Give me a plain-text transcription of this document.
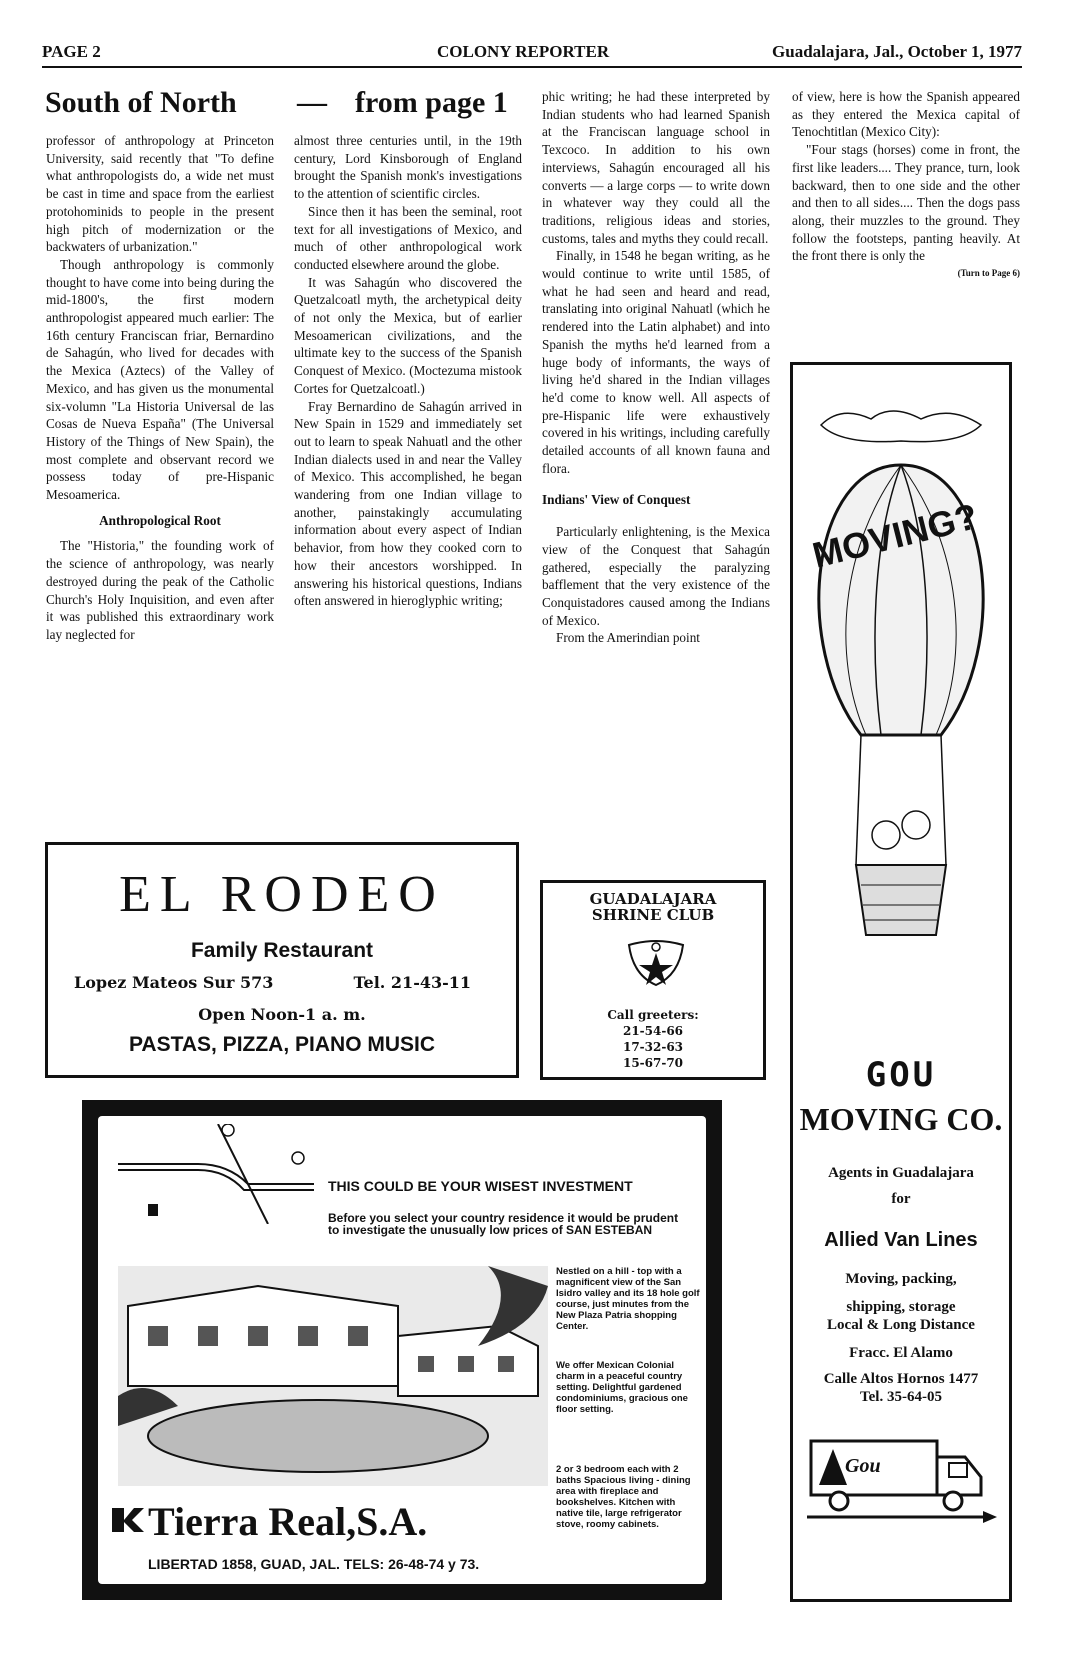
PAGE 2	COLONY REPORTER	Guadalajara, Jal., October 1, 1977
South of North — from page 1

professor of anthropology at Princeton University, said recently that "To define what anthropologists do, a wide net must be cast in time and space from the earliest protohominids to people in the present high pitch of modernization or the backwaters of urbanization."

Though anthropology is commonly thought to have come into being during the mid-1800's, the first modern anthropologist appeared much earlier: The 16th century Franciscan friar, Bernardino de Sahagún, who lived for decades with the Mexica (Aztecs) of the Valley of Mexico, and has given us the monumental six-volumn "La Historia Universal de las Cosas de Nueva España" (The Universal History of the Things of New Spain), the most complete and observant record we possess today of pre-Hispanic Mesoamerica.

Anthropological Root

The "Historia," the founding work of the science of anthropology, was nearly destroyed during the peak of the Catholic Church's Holy Inquisition, and even after it was published this extraordinary work lay neglected for

almost three centuries until, in the 19th century, Lord Kinsborough of England brought the Spanish monk's investigations to the attention of scientific circles.

Since then it has been the seminal, root text for all investigations of Mexico, and much of other anthropological work conducted elsewhere around the globe.

It was Sahagún who discovered the Quetzalcoatl myth, the archetypical deity of not only the Mexica, but of earlier Mesoamerican civilizations, and the ultimate key to the success of the Spanish Conquest of Mexico. (Moctezuma mistook Cortes for Quetzalcoatl.)

Fray Bernardino de Sahagún arrived in New Spain in 1529 and immediately set out to learn to speak Nahuatl and the other Indian dialects used in and near the Valley of Mexico. This accomplished, he began wandering from one Indian village to another, painstakingly accumulating information about every aspect of Indian behavior, from how they cooked corn to how their ancestors worshipped. In answering his historical questions, Indians often answered in hieroglyphic writing;

phic writing; he had these interpreted by Indian students who had learned Spanish at the Franciscan language school in Texcoco. In addition to his own interviews, Sahagún encouraged all his converts — a large corps — to write down in whatever way they could all the traditions, religious ideas and stories, customs, tales and myths they could recall.

Finally, in 1548 he began writing, as he would continue to write until 1585, of what he had seen and heard and read, translating into original Nahuatl (which he rendered into the Latin alphabet) and into Spanish the myths he'd learned from a huge body of informants, the ways of living he'd shared in the Indian villages he'd come to know well. All aspects of pre-Hispanic life were exhaustively covered in his writings, including carefully detailed accounts of all known fauna and flora.

Indians' View of Conquest

Particularly enlightening, is the Mexica view of the Conquest that Sahagún gathered, especially the paralyzing bafflement that the very existence of the Conquistadores caused among the Indians of Mexico.

From the Amerindian point

of view, here is how the Spanish appeared as they entered the Mexica capital of Tenochtitlan (Mexico City):

"Four stags (horses) come in front, the first like leaders.... They prance, turn, look backward, then to one side and the other and then to all sides.... Then the dogs pass along, their muzzles to the ground. They follow the footsteps, panting heavily. At the front there is only the

(Turn to Page 6)

EL RODEO
Family Restaurant
Lopez Mateos Sur 573	Tel. 21-43-11
Open Noon-1 a. m.
PASTAS, PIZZA, PIANO MUSIC
GUADALAJARA
SHRINE CLUB
Call greeters:
21-54-66
17-32-63
15-67-70
MOVING?
GOU
MOVING CO.
Agents in Guadalajara
for
Allied Van Lines
Moving, packing,
shipping, storage
Local & Long Distance
Fracc. El Alamo
Calle Altos Hornos 1477
Tel. 35-64-05
Gou
THIS COULD BE YOUR WISEST INVESTMENT
Before you select your country residence it would be prudent to investigate the unusually low prices of SAN ESTEBAN
Nestled on a hill - top with a magnificent view of the San Isidro valley and its 18 hole golf course, just minutes from the New Plaza Patria shopping Center.
We offer Mexican Colonial charm in a peaceful country setting. Delightful gardened condominiums, gracious one floor setting.
2 or 3 bedroom each with 2 baths Spacious living - dining area with fireplace and bookshelves. Kitchen with native tile, large refrigerator stove, roomy cabinets.
Tierra Real,S.A.
LIBERTAD 1858, GUAD, JAL. TELS: 26-48-74 y 73.
